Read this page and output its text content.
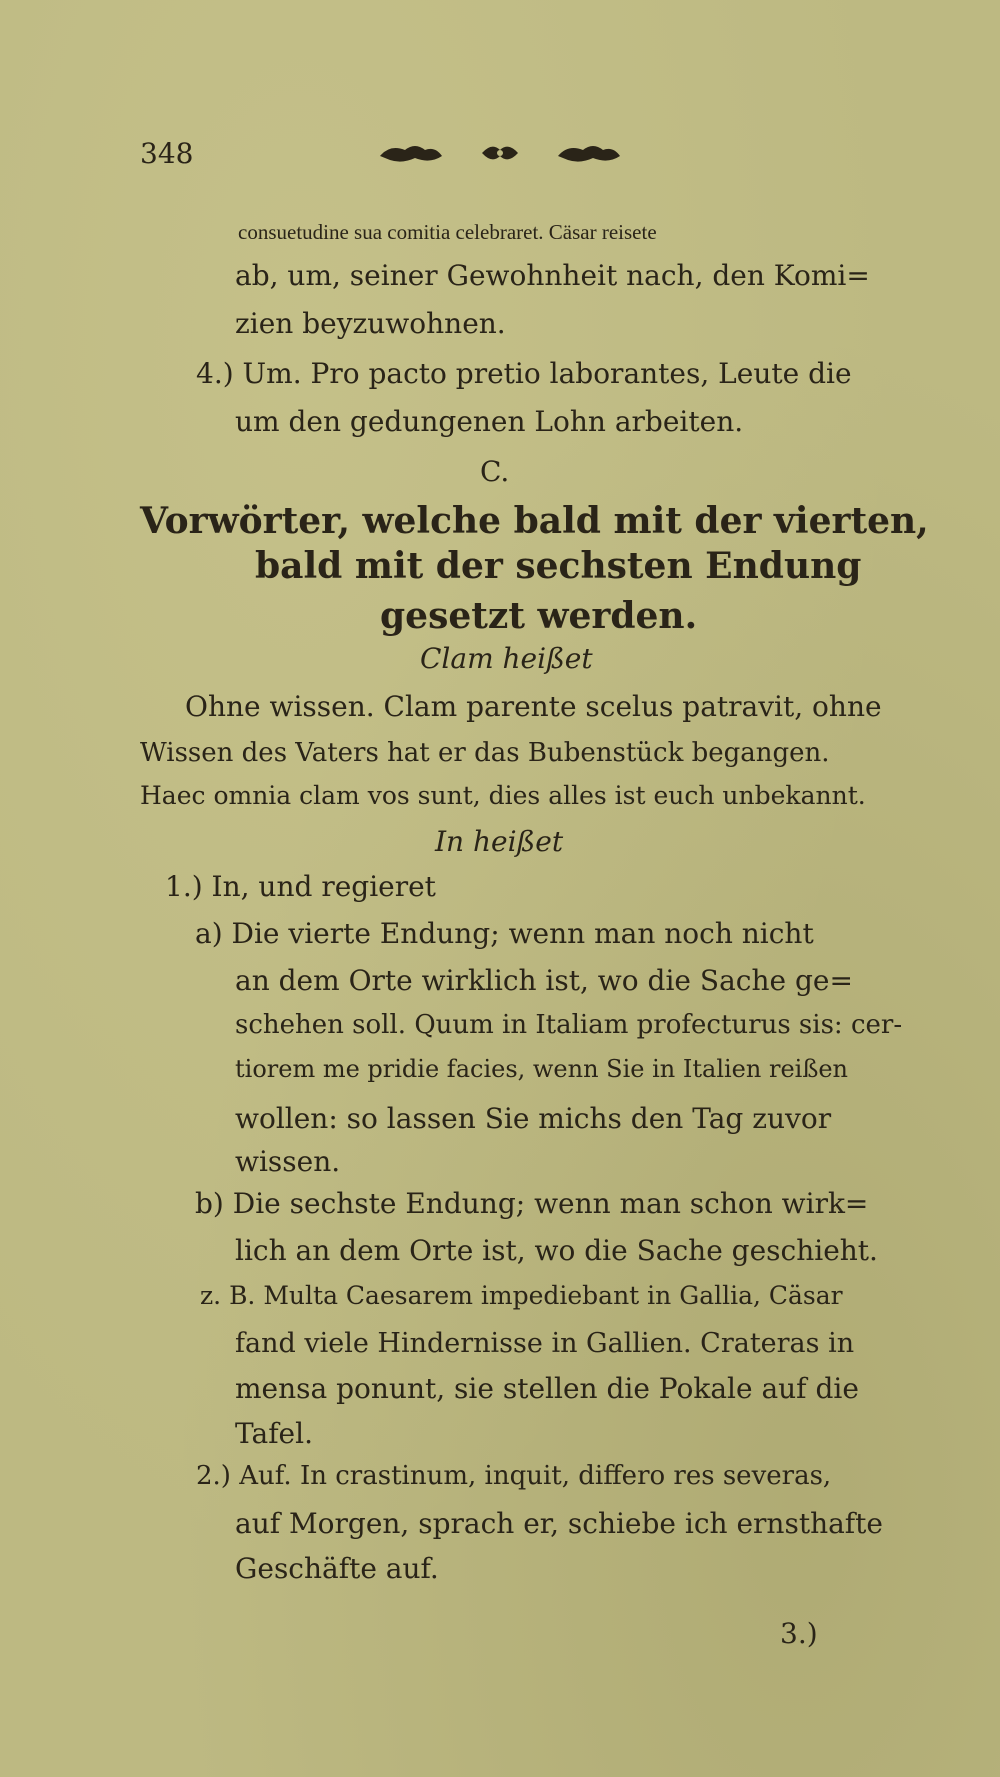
348
consuetudine sua comitia celebraret. Cäsar reisete
ab, um, seiner Gewohnheit nach, den Komi=
zien beyzuwohnen.
4.) Um. Pro pacto pretio laborantes, Leute die
um den gedungenen Lohn arbeiten.
C.
Vorwörter, welche bald mit der vierten,
bald mit der sechsten Endung
gesetzt werden.
Clam heißet
Ohne wissen. Clam parente scelus patravit, ohne
Wissen des Vaters hat er das Bubenstück begangen.
Haec omnia clam vos sunt, dies alles ist euch unbekannt.
In heißet
1.) In, und regieret
a) Die vierte Endung; wenn man noch nicht
an dem Orte wirklich ist, wo die Sache ge=
schehen soll. Quum in Italiam profecturus sis: cer-
tiorem me pridie facies, wenn Sie in Italien reißen
wollen: so lassen Sie michs den Tag zuvor
wissen.
b) Die sechste Endung; wenn man schon wirk=
lich an dem Orte ist, wo die Sache geschieht.
z. B. Multa Caesarem impediebant in Gallia, Cäsar
fand viele Hindernisse in Gallien. Crateras in
mensa ponunt, sie stellen die Pokale auf die
Tafel.
2.) Auf. In crastinum, inquit, differo res severas,
auf Morgen, sprach er, schiebe ich ernsthafte
Geschäfte auf.
3.)
